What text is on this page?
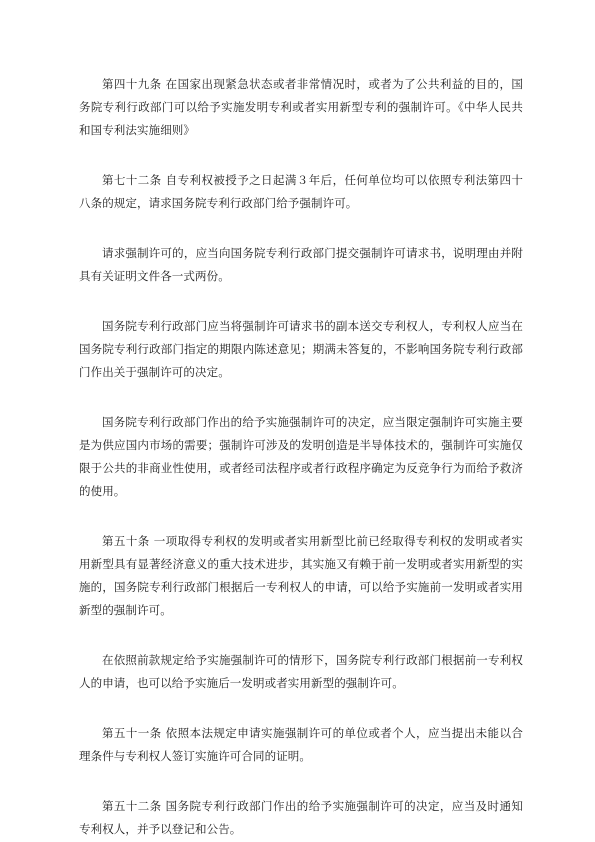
第四十九条 在国家出现紧急状态或者非常情况时，或者为了公共利益的目的，国务院专利行政部门可以给予实施发明专利或者实用新型专利的强制许可。《中华人民共和国专利法实施细则》

第七十二条 自专利权被授予之日起满３年后，任何单位均可以依照专利法第四十八条的规定，请求国务院专利行政部门给予强制许可。

请求强制许可的，应当向国务院专利行政部门提交强制许可请求书，说明理由并附具有关证明文件各一式两份。

国务院专利行政部门应当将强制许可请求书的副本送交专利权人，专利权人应当在国务院专利行政部门指定的期限内陈述意见；期满未答复的，不影响国务院专利行政部门作出关于强制许可的决定。

国务院专利行政部门作出的给予实施强制许可的决定，应当限定强制许可实施主要是为供应国内市场的需要；强制许可涉及的发明创造是半导体技术的，强制许可实施仅限于公共的非商业性使用，或者经司法程序或者行政程序确定为反竞争行为而给予救济的使用。

第五十条 一项取得专利权的发明或者实用新型比前已经取得专利权的发明或者实用新型具有显著经济意义的重大技术进步，其实施又有赖于前一发明或者实用新型的实施的，国务院专利行政部门根据后一专利权人的申请，可以给予实施前一发明或者实用新型的强制许可。

在依照前款规定给予实施强制许可的情形下，国务院专利行政部门根据前一专利权人的申请，也可以给予实施后一发明或者实用新型的强制许可。

第五十一条 依照本法规定申请实施强制许可的单位或者个人，应当提出未能以合理条件与专利权人签订实施许可合同的证明。

第五十二条 国务院专利行政部门作出的给予实施强制许可的决定，应当及时通知专利权人，并予以登记和公告。
